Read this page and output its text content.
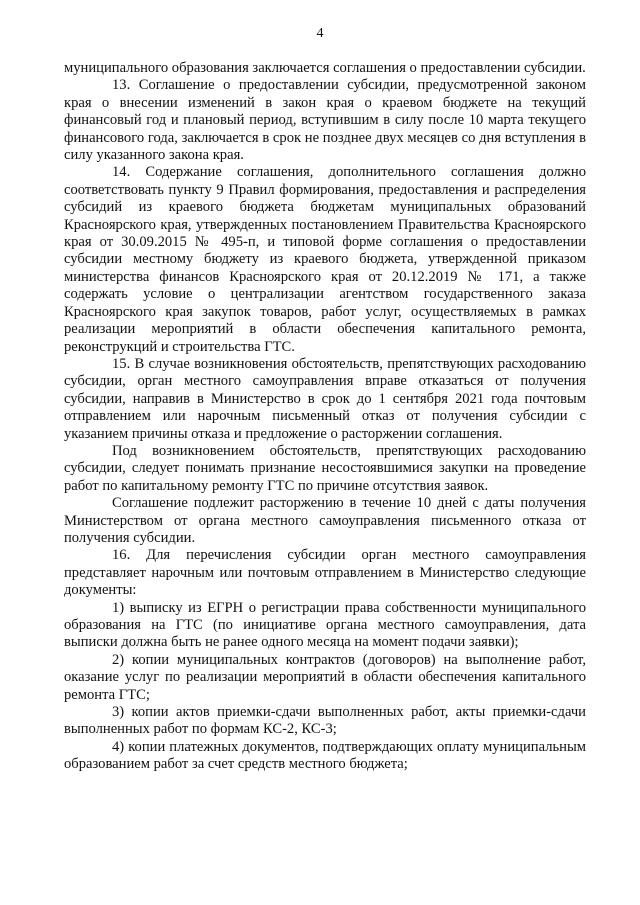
4

муниципального образования заключается соглашения о предоставлении субсидии.

13. Соглашение о предоставлении субсидии, предусмотренной законом края о внесении изменений в закон края о краевом бюджете на текущий финансовый год и плановый период, вступившим в силу после 10 марта текущего финансового года, заключается в срок не позднее двух месяцев со дня вступления в силу указанного закона края.

14. Содержание соглашения, дополнительного соглашения должно соответствовать пункту 9 Правил формирования, предоставления и распределения субсидий из краевого бюджета бюджетам муниципальных образований Красноярского края, утвержденных постановлением Правительства Красноярского края от 30.09.2015 № 495-п, и типовой форме соглашения о предоставлении субсидии местному бюджету из краевого бюджета, утвержденной приказом министерства финансов Красноярского края от 20.12.2019 № 171, а также содержать условие о централизации агентством государственного заказа Красноярского края закупок товаров, работ услуг, осуществляемых в рамках реализации мероприятий в области обеспечения капитального ремонта, реконструкций и строительства ГТС.

15. В случае возникновения обстоятельств, препятствующих расходованию субсидии, орган местного самоуправления вправе отказаться от получения субсидии, направив в Министерство в срок до 1 сентября 2021 года почтовым отправлением или нарочным письменный отказ от получения субсидии с указанием причины отказа и предложение о расторжении соглашения.

Под возникновением обстоятельств, препятствующих расходованию субсидии, следует понимать признание несостоявшимися закупки на проведение работ по капитальному ремонту ГТС по причине отсутствия заявок.

Соглашение подлежит расторжению в течение 10 дней с даты получения Министерством от органа местного самоуправления письменного отказа от получения субсидии.

16. Для перечисления субсидии орган местного самоуправления представляет нарочным или почтовым отправлением в Министерство следующие документы:

1) выписку из ЕГРН о регистрации права собственности муниципального образования на ГТС (по инициативе органа местного самоуправления, дата выписки должна быть не ранее одного месяца на момент подачи заявки);

2) копии муниципальных контрактов (договоров) на выполнение работ, оказание услуг по реализации мероприятий в области обеспечения капитального ремонта ГТС;

3) копии актов приемки-сдачи выполненных работ, акты приемки-сдачи выполненных работ по формам КС-2, КС-3;

4) копии платежных документов, подтверждающих оплату муниципальным образованием работ за счет средств местного бюджета;
